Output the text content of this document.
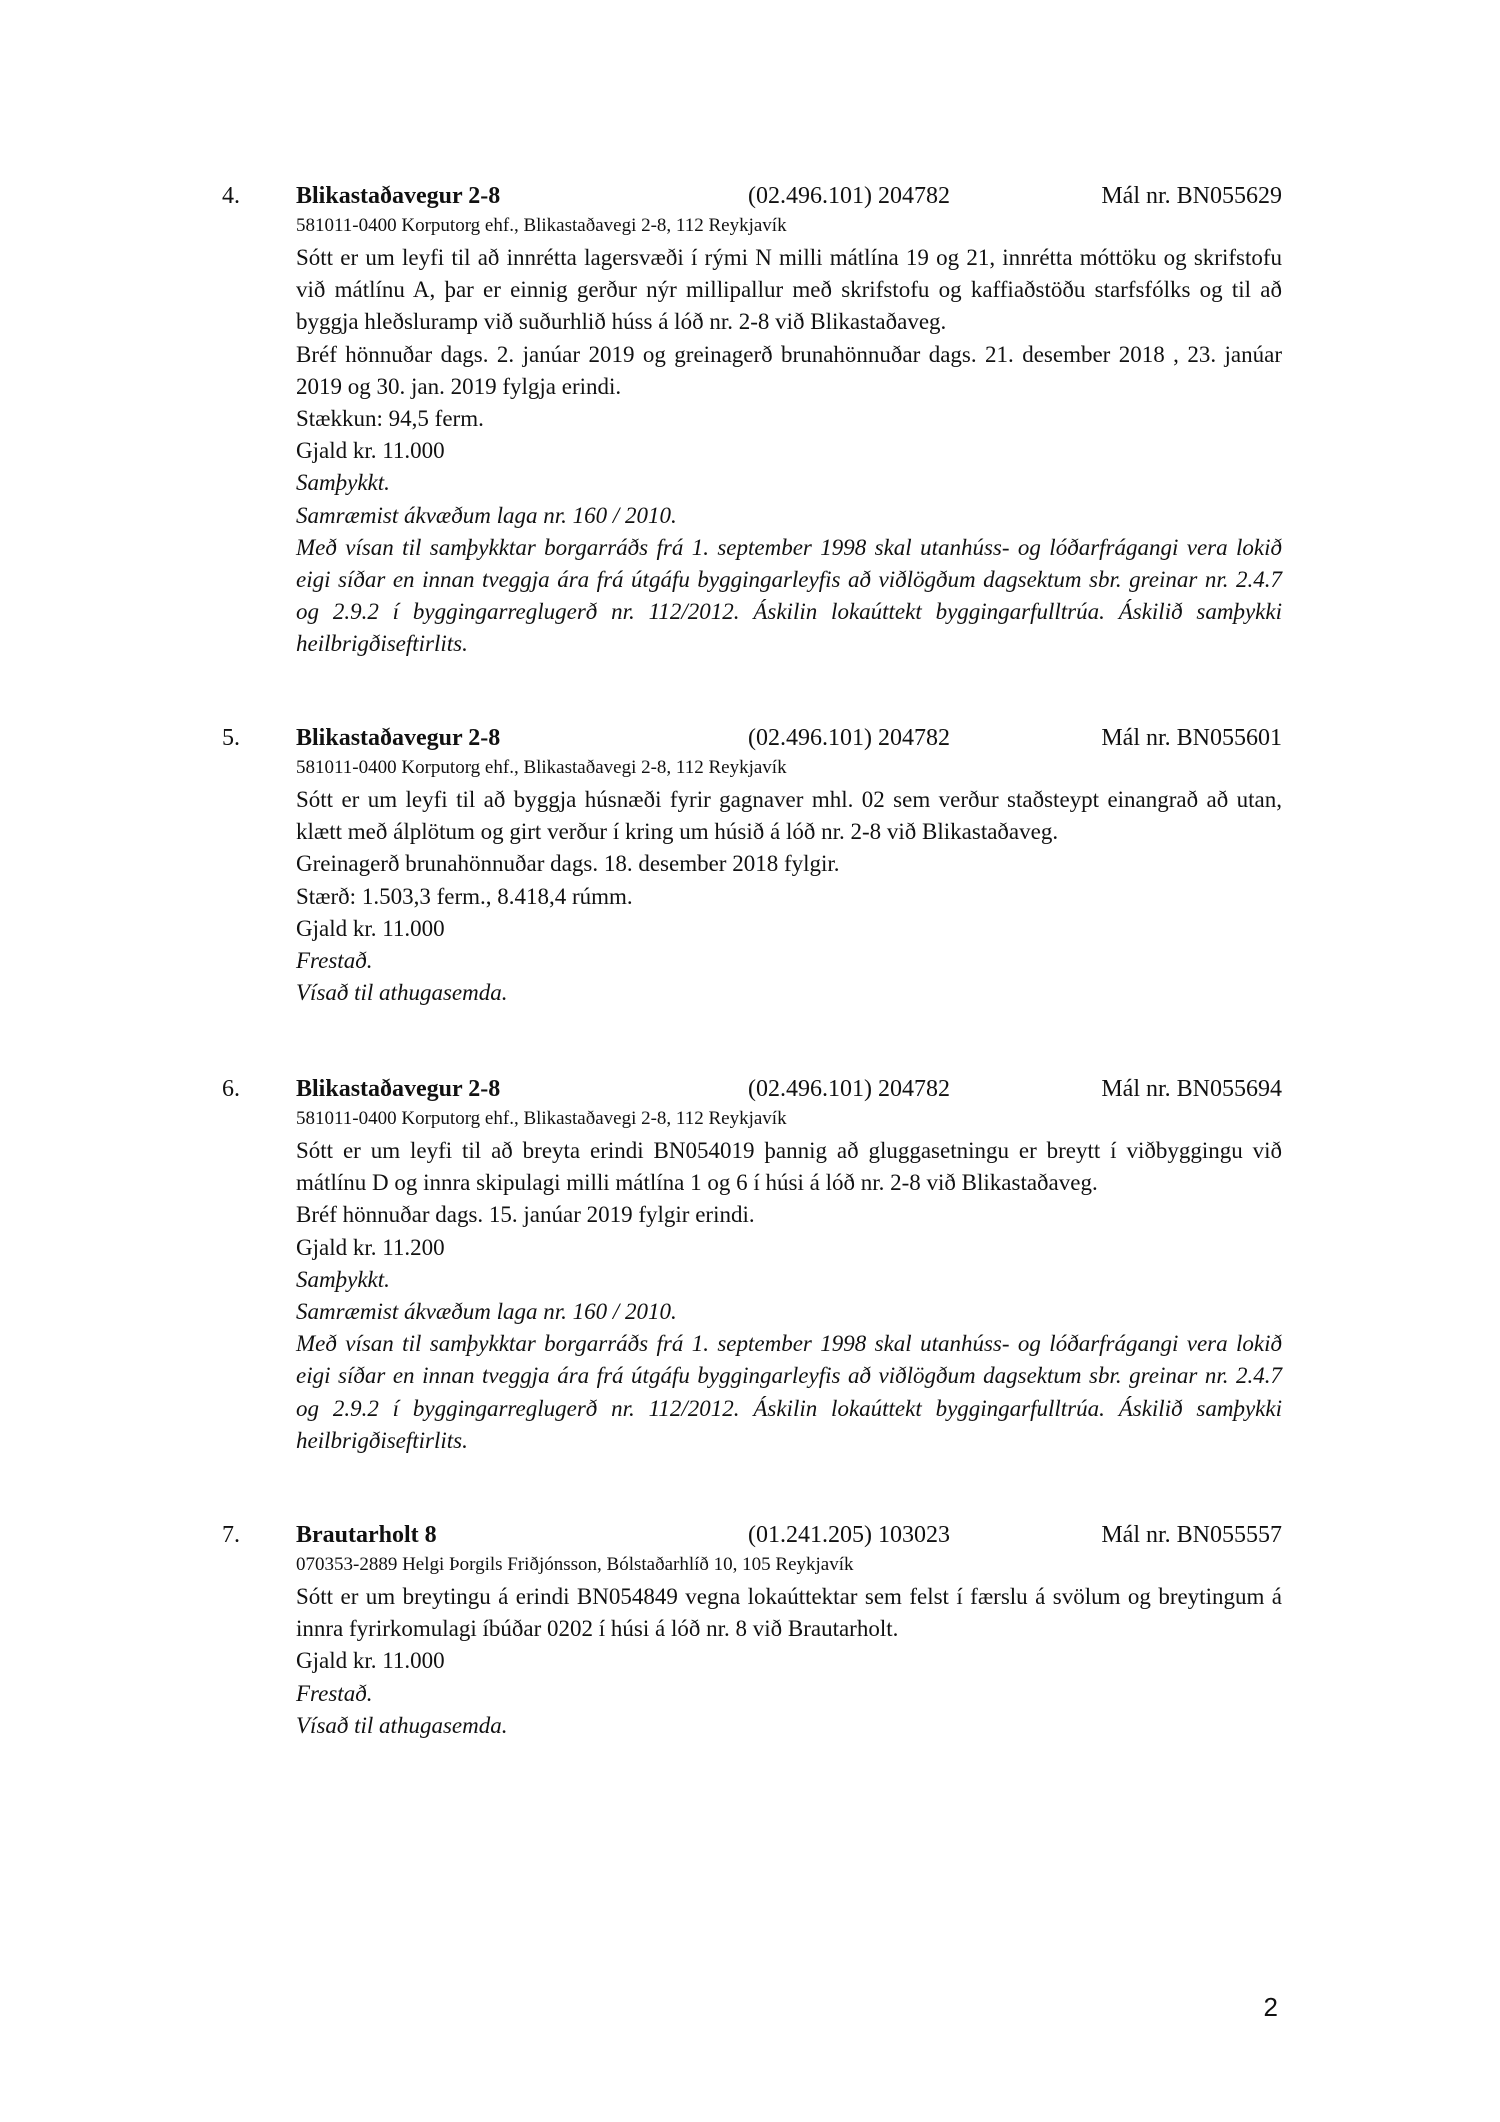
4. Blikastaðavegur 2-8	(02.496.101) 204782	Mál nr. BN055629
581011-0400 Korputorg ehf., Blikastaðavegi 2-8, 112 Reykjavík
Sótt er um leyfi til að innrétta lagersvæði í rými N milli mátlína 19 og 21, innrétta móttöku og skrifstofu við mátlínu A, þar er einnig gerður nýr millipallur með skrifstofu og kaffiaðstöðu starfsfólks og til að byggja hleðsluramp við suðurhlið húss á lóð nr. 2-8 við Blikastaðaveg.
Bréf hönnuðar dags. 2. janúar 2019 og greinagerð brunahönnuðar dags. 21. desember 2018 , 23. janúar 2019 og 30. jan. 2019 fylgja erindi.
Stækkun: 94,5 ferm.
Gjald kr. 11.000
Samþykkt.
Samræmist ákvæðum laga nr. 160 / 2010.
Með vísan til samþykktar borgarráðs frá 1. september 1998 skal utanhúss- og lóðarfrágangi vera lokið eigi síðar en innan tveggja ára frá útgáfu byggingarleyfis að viðlögðum dagsektum sbr. greinar nr. 2.4.7 og 2.9.2 í byggingarreglugerð nr. 112/2012. Áskilin lokaúttekt byggingarfulltrúa. Áskilið samþykki heilbrigðiseftirlits.
5. Blikastaðavegur 2-8	(02.496.101) 204782	Mál nr. BN055601
581011-0400 Korputorg ehf., Blikastaðavegi 2-8, 112 Reykjavík
Sótt er um leyfi til að byggja húsnæði fyrir gagnaver mhl. 02 sem verður staðsteypt einangrað að utan, klætt með álplötum og girt verður í kring um húsið á lóð nr. 2-8 við Blikastaðaveg.
Greinagerð brunahönnuðar dags. 18. desember 2018 fylgir.
Stærð: 1.503,3 ferm., 8.418,4 rúmm.
Gjald kr. 11.000
Frestað.
Vísað til athugasemda.
6. Blikastaðavegur 2-8	(02.496.101) 204782	Mál nr. BN055694
581011-0400 Korputorg ehf., Blikastaðavegi 2-8, 112 Reykjavík
Sótt er um leyfi til að breyta erindi BN054019 þannig að gluggasetningu er breytt í viðbyggingu við mátlínu D og innra skipulagi milli mátlína 1 og 6 í húsi á lóð nr. 2-8 við Blikastaðaveg.
Bréf hönnuðar dags. 15. janúar 2019 fylgir erindi.
Gjald kr. 11.200
Samþykkt.
Samræmist ákvæðum laga nr. 160 / 2010.
Með vísan til samþykktar borgarráðs frá 1. september 1998 skal utanhúss- og lóðarfrágangi vera lokið eigi síðar en innan tveggja ára frá útgáfu byggingarleyfis að viðlögðum dagsektum sbr. greinar nr. 2.4.7 og 2.9.2 í byggingarreglugerð nr. 112/2012. Áskilin lokaúttekt byggingarfulltrúa. Áskilið samþykki heilbrigðiseftirlits.
7. Brautarholt 8	(01.241.205) 103023	Mál nr. BN055557
070353-2889 Helgi Þorgils Friðjónsson, Bólstaðarhlíð 10, 105 Reykjavík
Sótt er um breytingu á erindi BN054849 vegna lokaúttektar sem felst í færslu á svölum og breytingum á innra fyrirkomulagi íbúðar 0202 í húsi á lóð nr. 8 við Brautarholt.
Gjald kr. 11.000
Frestað.
Vísað til athugasemda.
2
